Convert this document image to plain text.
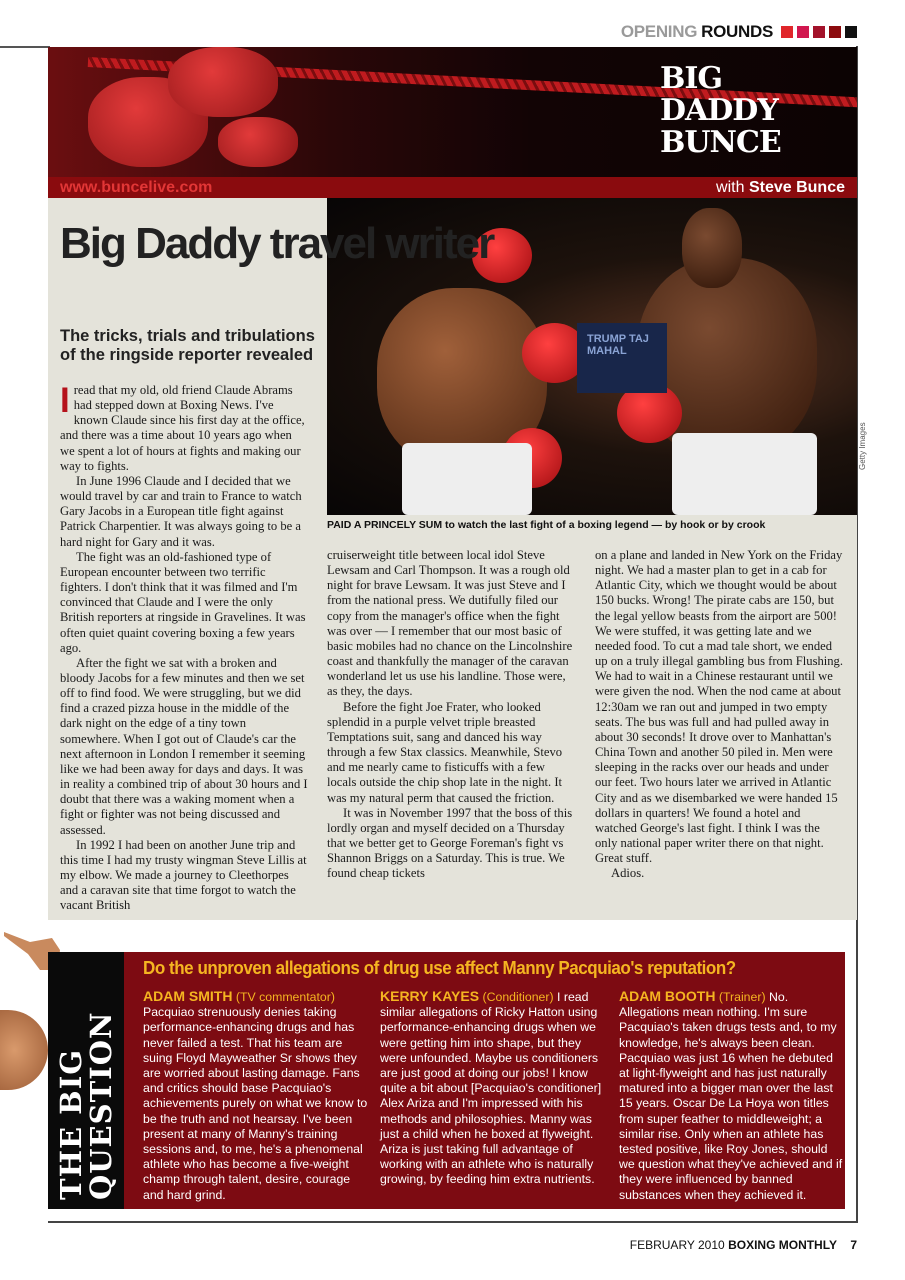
OPENING ROUNDS
BIG
DADDY
BUNCE
www.buncelive.com	with Steve Bunce
TRUMP TAJ MAHAL
Getty Images
PAID A PRINCELY SUM to watch the last fight of a boxing legend — by hook or by crook
Big Daddy travel writer
The tricks, trials and tribulations of the ringside reporter revealed

Iread that my old, old friend Claude Abrams had stepped down at Boxing News. I've known Claude since his first day at the office, and there was a time about 10 years ago when we spent a lot of hours at fights and making our way to fights.

In June 1996 Claude and I decided that we would travel by car and train to France to watch Gary Jacobs in a European title fight against Patrick Charpentier. It was always going to be a hard night for Gary and it was.

The fight was an old-fashioned type of European encounter between two terrific fighters. I don't think that it was filmed and I'm convinced that Claude and I were the only British reporters at ringside in Gravelines. It was often quiet quaint covering boxing a few years ago.

After the fight we sat with a broken and bloody Jacobs for a few minutes and then we set off to find food. We were struggling, but we did find a crazed pizza house in the middle of the dark night on the edge of a tiny town somewhere. When I got out of Claude's car the next afternoon in London I remember it seeming like we had been away for days and days. It was in reality a combined trip of about 30 hours and I doubt that there was a waking moment when a fight or fighter was not being discussed and assessed.

In 1992 I had been on another June trip and this time I had my trusty wingman Steve Lillis at my elbow. We made a journey to Cleethorpes and a caravan site that time forgot to watch the vacant British

cruiserweight title between local idol Steve Lewsam and Carl Thompson. It was a rough old night for brave Lewsam. It was just Steve and I from the national press. We dutifully filed our copy from the manager's office when the fight was over — I remember that our most basic of basic mobiles had no chance on the Lincolnshire coast and thankfully the manager of the caravan wonderland let us use his landline. Those were, as they, the days.

Before the fight Joe Frater, who looked splendid in a purple velvet triple breasted Temptations suit, sang and danced his way through a few Stax classics. Meanwhile, Stevo and me nearly came to fisticuffs with a few locals outside the chip shop late in the night. It was my natural perm that caused the friction.

It was in November 1997 that the boss of this lordly organ and myself decided on a Thursday that we better get to George Foreman's fight vs Shannon Briggs on a Saturday. This is true. We found cheap tickets

on a plane and landed in New York on the Friday night. We had a master plan to get in a cab for Atlantic City, which we thought would be about 150 bucks. Wrong! The pirate cabs are 150, but the legal yellow beasts from the airport are 500! We were stuffed, it was getting late and we needed food. To cut a mad tale short, we ended up on a truly illegal gambling bus from Flushing. We had to wait in a Chinese restaurant until we were given the nod. When the nod came at about 12:30am we ran out and jumped in two empty seats. The bus was full and had pulled away in about 30 seconds! It drove over to Manhattan's China Town and another 50 piled in. Men were sleeping in the racks over our heads and under our feet. Two hours later we arrived in Atlantic City and as we disembarked we were handed 15 dollars in quarters! We found a hotel and watched George's last fight. I think I was the only national paper writer there on that night. Great stuff.

Adios.

THE BIG
QUESTION
Do the unproven allegations of drug use affect Manny Pacquiao's reputation?
ADAM SMITH (TV commentator) Pacquiao strenuously denies taking performance-enhancing drugs and has never failed a test. That his team are suing Floyd Mayweather Sr shows they are worried about lasting damage. Fans and critics should base Pacquiao's achievements purely on what we know to be the truth and not hearsay. I've been present at many of Manny's training sessions and, to me, he's a phenomenal athlete who has become a five-weight champ through talent, desire, courage and hard grind.
KERRY KAYES (Conditioner) I read similar allegations of Ricky Hatton using performance-enhancing drugs when we were getting him into shape, but they were unfounded. Maybe us conditioners are just good at doing our jobs! I know quite a bit about [Pacquiao's conditioner] Alex Ariza and I'm impressed with his methods and philosophies. Manny was just a child when he boxed at flyweight. Ariza is just taking full advantage of working with an athlete who is naturally growing, by feeding him extra nutrients.
ADAM BOOTH (Trainer) No. Allegations mean nothing. I'm sure Pacquiao's taken drugs tests and, to my knowledge, he's always been clean. Pacquiao was just 16 when he debuted at light-flyweight and has just naturally matured into a bigger man over the last 15 years. Oscar De La Hoya won titles from super feather to middleweight; a similar rise. Only when an athlete has tested positive, like Roy Jones, should we question what they've achieved and if they were influenced by banned substances when they achieved it.
FEBRUARY 2010 BOXING MONTHLY 7
